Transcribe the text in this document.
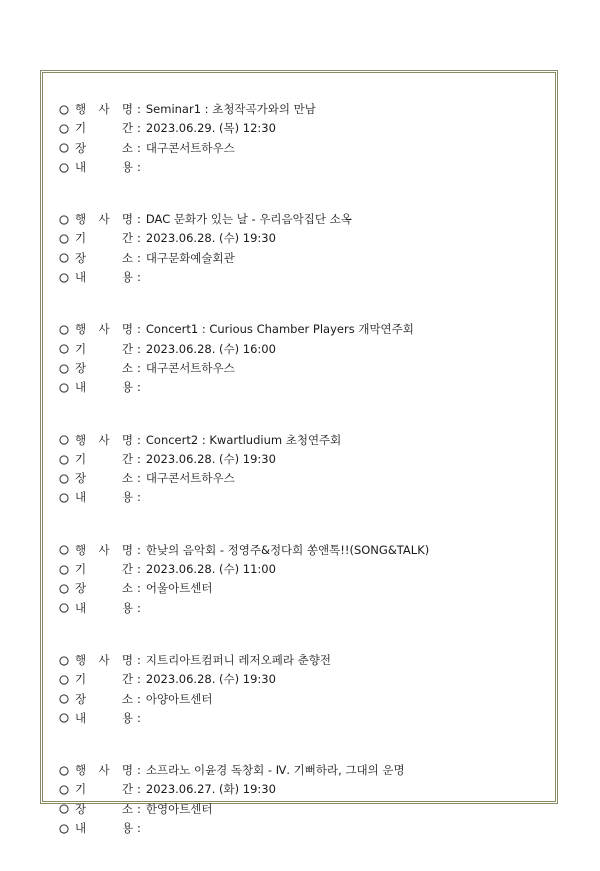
행 사 명 : Seminar1 : 초청작곡가와의 만남
기	간 : 2023.06.29. (목) 12:30
장	소 : 대구콘서트하우스
내	용 :
행 사 명 : DAC 문화가 있는 날 - 우리음악집단 소옥
기	간 : 2023.06.28. (수) 19:30
장	소 : 대구문화예술회관
내	용 :
행 사 명 : Concert1 : Curious Chamber Players 개막연주회
기	간 : 2023.06.28. (수) 16:00
장	소 : 대구콘서트하우스
내	용 :
행 사 명 : Concert2 : Kwartludium 초청연주회
기	간 : 2023.06.28. (수) 19:30
장	소 : 대구콘서트하우스
내	용 :
행 사 명 : 한낮의 음악회 - 정영주&정다희 쏭앤톡!!(SONG&TALK)
기	간 : 2023.06.28. (수) 11:00
장	소 : 어울아트센터
내	용 :
행 사 명 : 지트리아트컴퍼니 레저오페라 춘향전
기	간 : 2023.06.28. (수) 19:30
장	소 : 아양아트센터
내	용 :
행 사 명 : 소프라노 이윤경 독창회 - Ⅳ. 기뻐하라, 그대의 운명
기	간 : 2023.06.27. (화) 19:30
장	소 : 한영아트센터
내	용 :
